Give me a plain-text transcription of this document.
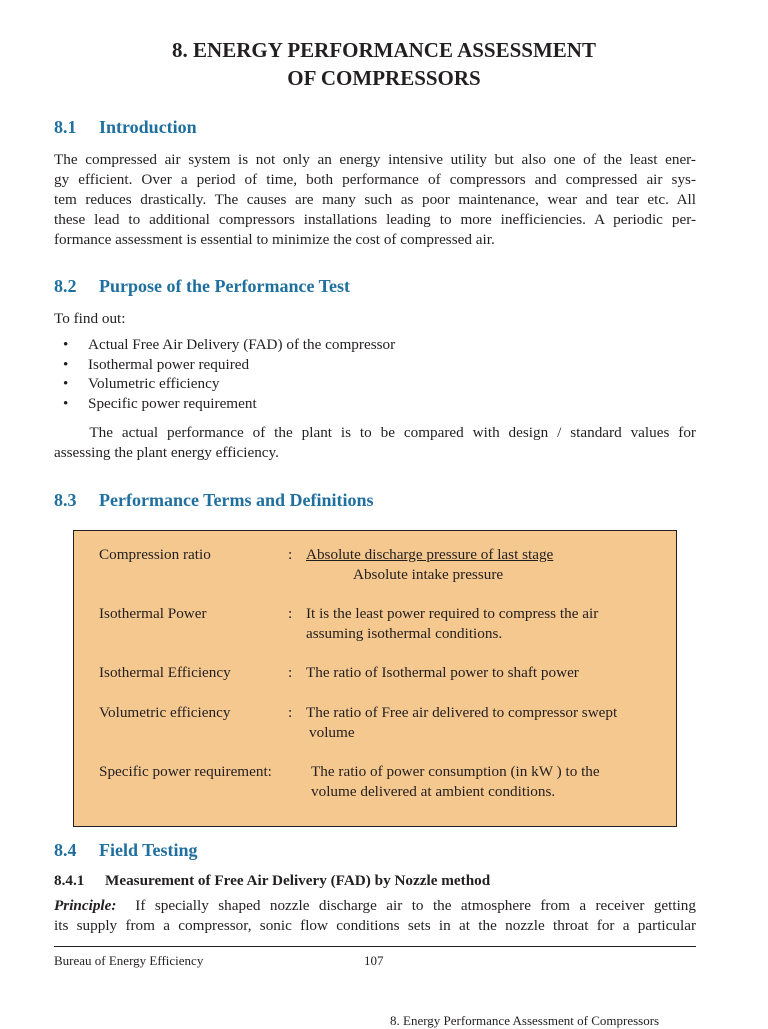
8. ENERGY PERFORMANCE ASSESSMENT
OF COMPRESSORS
8.1 Introduction
The compressed air system is not only an energy intensive utility but also one of the least ener-
gy efficient. Over a period of time, both performance of compressors and compressed air sys-
tem reduces drastically. The causes are many such as poor maintenance, wear and tear etc. All
these lead to additional compressors installations leading to more inefficiencies. A periodic per-
formance assessment is essential to minimize the cost of compressed air.
8.2 Purpose of the Performance Test
To find out:
• Actual Free Air Delivery (FAD) of the compressor
• Isothermal power required
• Volumetric efficiency
• Specific power requirement
The actual performance of the plant is to be compared with design / standard values for
assessing the plant energy efficiency.
8.3 Performance Terms and Definitions
Compression ratio	: Absolute discharge pressure of last stage
Absolute intake pressure
Isothermal Power	: It is the least power required to compress the air
assuming isothermal conditions.
Isothermal Efficiency	: The ratio of Isothermal power to shaft power
Volumetric efficiency	: The ratio of Free air delivered to compressor swept
volume
Specific power requirement:	The ratio of power consumption (in kW ) to the
volume delivered at ambient conditions.
8.4 Field Testing
8.4.1 Measurement of Free Air Delivery (FAD) by Nozzle method
Principle:  If specially shaped nozzle discharge air to the atmosphere from a receiver getting
its supply from a compressor, sonic flow conditions sets in at the nozzle throat for a particular
Bureau of Energy Efficiency	107
8. Energy Performance Assessment of Compressors
